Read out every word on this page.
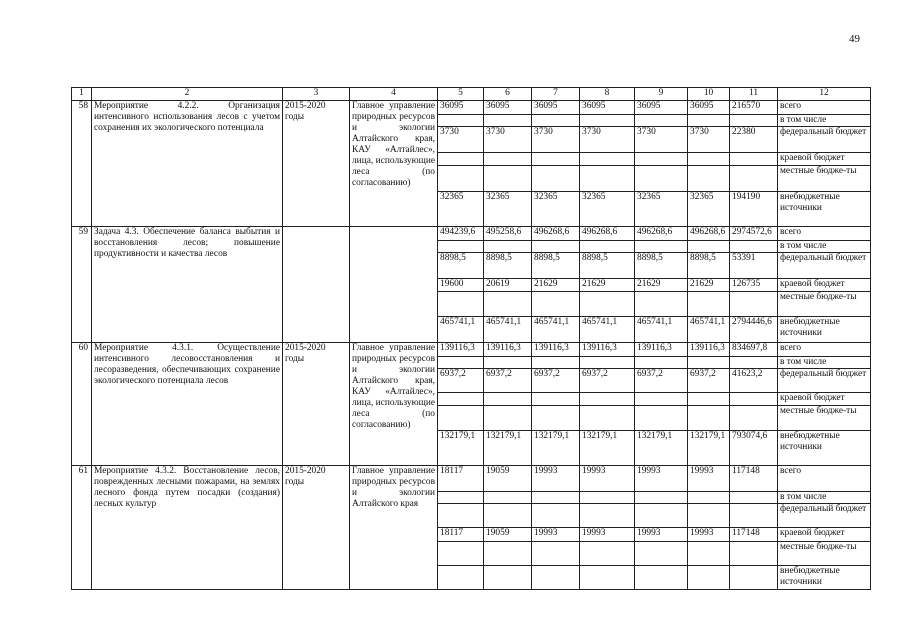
49
1	2	3	4	5	6	7	8	9	10	11	12
58	Мероприятие 4.2.2. Организация интенсивного использования лесов с учетом сохранения их экологического потенциала	2015-2020 годы	Главное управление природных ресурсов и экологии Алтайского края, КАУ «Алтайлес», лица, использующие леса (по согласованию)	36095	36095	36095	36095	36095	36095	216570	всего
											в том числе
				3730	3730	3730	3730	3730	3730	22380	федеральный бюджет
											краевой бюджет
											местные бюдже-ты
				32365	32365	32365	32365	32365	32365	194190	внебюджетные источники
59	Задача 4.3. Обеспечение баланса выбытия и восстановления лесов; повышение продуктивности и качества лесов			494239,6	495258,6	496268,6	496268,6	496268,6	496268,6	2974572,6	всего
											в том числе
				8898,5	8898,5	8898,5	8898,5	8898,5	8898,5	53391	федеральный бюджет
				19600	20619	21629	21629	21629	21629	126735	краевой бюджет
											местные бюдже-ты
				465741,1	465741,1	465741,1	465741,1	465741,1	465741,1	2794446,6	внебюджетные источники
60	Мероприятие 4.3.1. Осуществление интенсивного лесовосстановления и лесоразведения, обеспечивающих сохранение экологического потенциала лесов	2015-2020 годы	Главное управление природных ресурсов и экологии Алтайского края, КАУ «Алтайлес», лица, использующие леса (по согласованию)	139116,3	139116,3	139116,3	139116,3	139116,3	139116,3	834697,8	всего
											в том числе
				6937,2	6937,2	6937,2	6937,2	6937,2	6937,2	41623,2	федеральный бюджет
											краевой бюджет
											местные бюдже-ты
				132179,1	132179,1	132179,1	132179,1	132179,1	132179,1	793074,6	внебюджетные источники
61	Мероприятие 4.3.2. Восстановление лесов, поврежденных лесными пожарами, на землях лесного фонда путем посадки (создания) лесных культур	2015-2020 годы	Главное управление природных ресурсов и экологии Алтайского края	18117	19059	19993	19993	19993	19993	117148	всего
											в том числе
											федеральный бюджет
				18117	19059	19993	19993	19993	19993	117148	краевой бюджет
											местные бюдже-ты
											внебюджетные источники
